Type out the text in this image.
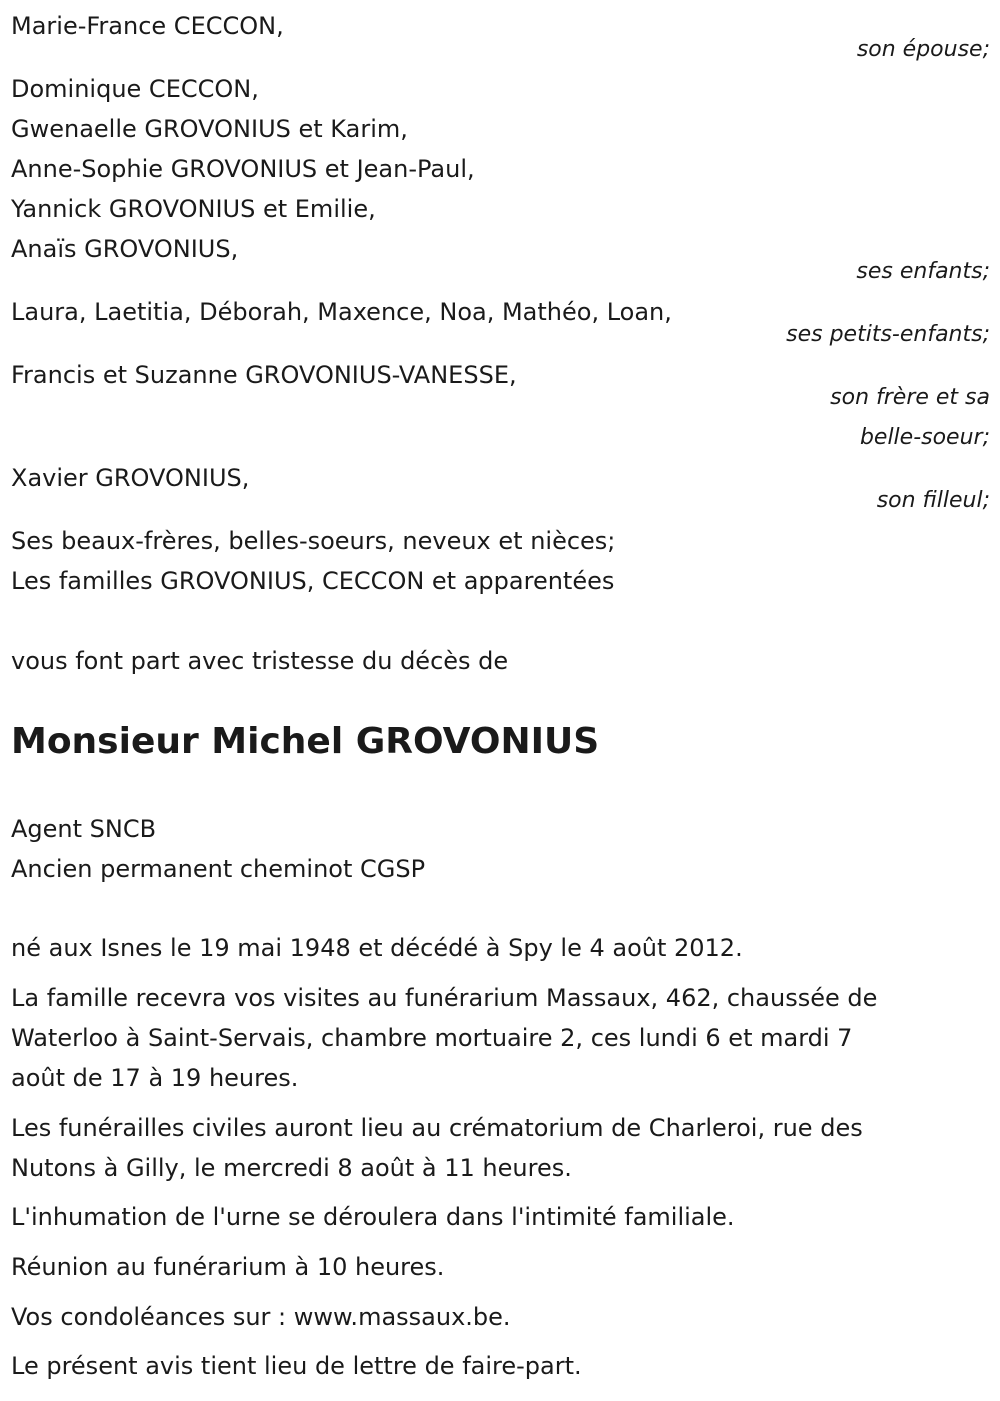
Marie-France CECCON,

son épouse;

Dominique CECCON,

Gwenaelle GROVONIUS et Karim,

Anne-Sophie GROVONIUS et Jean-Paul,

Yannick GROVONIUS et Emilie,

Anaïs GROVONIUS,

ses enfants;

Laura, Laetitia, Déborah, Maxence, Noa, Mathéo, Loan,

ses petits-enfants;

Francis et Suzanne GROVONIUS-VANESSE,

son frère et sa

belle-soeur;

Xavier GROVONIUS,

son filleul;

Ses beaux-frères, belles-soeurs, neveux et nièces;

Les familles GROVONIUS, CECCON et apparentées

vous font part avec tristesse du décès de

Monsieur Michel GROVONIUS

Agent SNCB

Ancien permanent cheminot CGSP

né aux Isnes le 19 mai 1948 et décédé à Spy le 4 août 2012.

La famille recevra vos visites au funérarium Massaux, 462, chaussée de
Waterloo à Saint-Servais, chambre mortuaire 2, ces lundi 6 et mardi 7
août de 17 à 19 heures.
Les funérailles civiles auront lieu au crématorium de Charleroi, rue des
Nutons à Gilly, le mercredi 8 août à 11 heures.

L'inhumation de l'urne se déroulera dans l'intimité familiale.

Réunion au funérarium à 10 heures.

Vos condoléances sur : www.massaux.be.

Le présent avis tient lieu de lettre de faire-part.
